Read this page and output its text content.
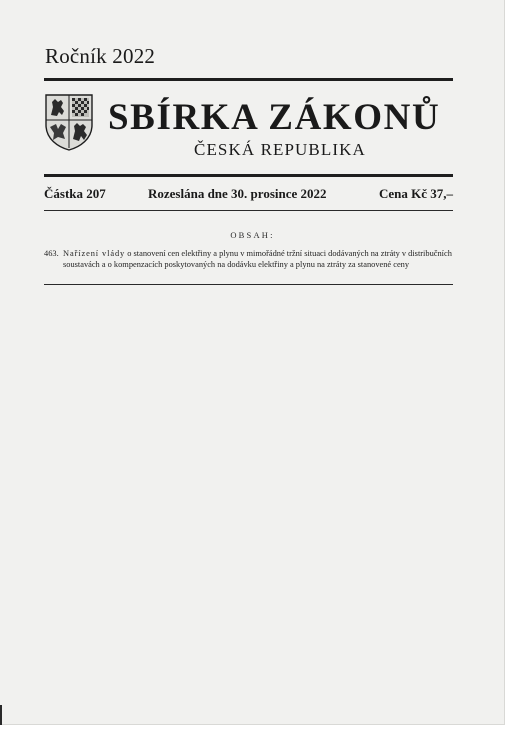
Ročník 2022
SBÍRKA ZÁKONŮ
ČESKÁ REPUBLIKA
Částka 207	Rozeslána dne 30. prosince 2022	Cena Kč 37,–
OBSAH:
463. Nařízení vlády o stanovení cen elektřiny a plynu v mimořádné tržní situaci dodávaných na ztráty v distribučních soustavách a o kompenzacích poskytovaných na dodávku elektřiny a plynu na ztráty za stanovené ceny
